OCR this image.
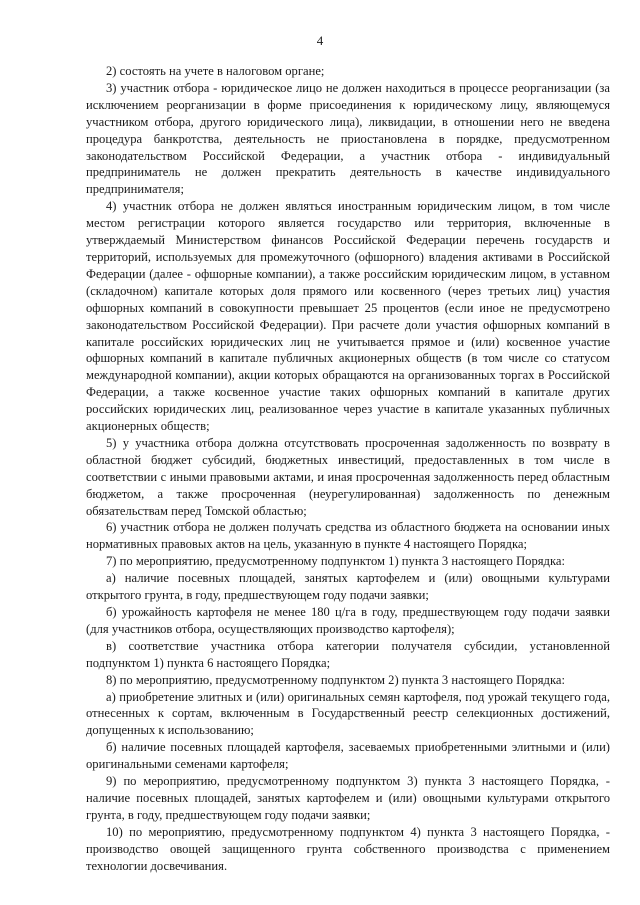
4

2) состоять на учете в налоговом органе;

3) участник отбора - юридическое лицо не должен находиться в процессе реорганизации (за исключением реорганизации в форме присоединения к юридическому лицу, являющемуся участником отбора, другого юридического лица), ликвидации, в отношении него не введена процедура банкротства, деятельность не приостановлена в порядке, предусмотренном законодательством Российской Федерации, а участник отбора - индивидуальный предприниматель не должен прекратить деятельность в качестве индивидуального предпринимателя;

4) участник отбора не должен являться иностранным юридическим лицом, в том числе местом регистрации которого является государство или территория, включенные в утверждаемый Министерством финансов Российской Федерации перечень государств и территорий, используемых для промежуточного (офшорного) владения активами в Российской Федерации (далее - офшорные компании), а также российским юридическим лицом, в уставном (складочном) капитале которых доля прямого или косвенного (через третьих лиц) участия офшорных компаний в совокупности превышает 25 процентов (если иное не предусмотрено законодательством Российской Федерации). При расчете доли участия офшорных компаний в капитале российских юридических лиц не учитывается прямое и (или) косвенное участие офшорных компаний в капитале публичных акционерных обществ (в том числе со статусом международной компании), акции которых обращаются на организованных торгах в Российской Федерации, а также косвенное участие таких офшорных компаний в капитале других российских юридических лиц, реализованное через участие в капитале указанных публичных акционерных обществ;

5) у участника отбора должна отсутствовать просроченная задолженность по возврату в областной бюджет субсидий, бюджетных инвестиций, предоставленных в том числе в соответствии с иными правовыми актами, и иная просроченная задолженность перед областным бюджетом, а также просроченная (неурегулированная) задолженность по денежным обязательствам перед Томской областью;

6) участник отбора не должен получать средства из областного бюджета на основании иных нормативных правовых актов на цель, указанную в пункте 4 настоящего Порядка;

7) по мероприятию, предусмотренному подпунктом 1) пункта 3 настоящего Порядка:

а) наличие посевных площадей, занятых картофелем и (или) овощными культурами открытого грунта, в году, предшествующем году подачи заявки;

б) урожайность картофеля не менее 180 ц/га в году, предшествующем году подачи заявки (для участников отбора, осуществляющих производство картофеля);

в) соответствие участника отбора категории получателя субсидии, установленной подпунктом 1) пункта 6 настоящего Порядка;

8) по мероприятию, предусмотренному подпунктом 2) пункта 3 настоящего Порядка:

а) приобретение элитных и (или) оригинальных семян картофеля, под урожай текущего года, отнесенных к сортам, включенным в Государственный реестр селекционных достижений, допущенных к использованию;

б) наличие посевных площадей картофеля, засеваемых приобретенными элитными и (или) оригинальными семенами картофеля;

9) по мероприятию, предусмотренному подпунктом 3) пункта 3 настоящего Порядка, - наличие посевных площадей, занятых картофелем и (или) овощными культурами открытого грунта, в году, предшествующем году подачи заявки;

10) по мероприятию, предусмотренному подпунктом 4) пункта 3 настоящего Порядка, - производство овощей защищенного грунта собственного производства с применением технологии досвечивания.
